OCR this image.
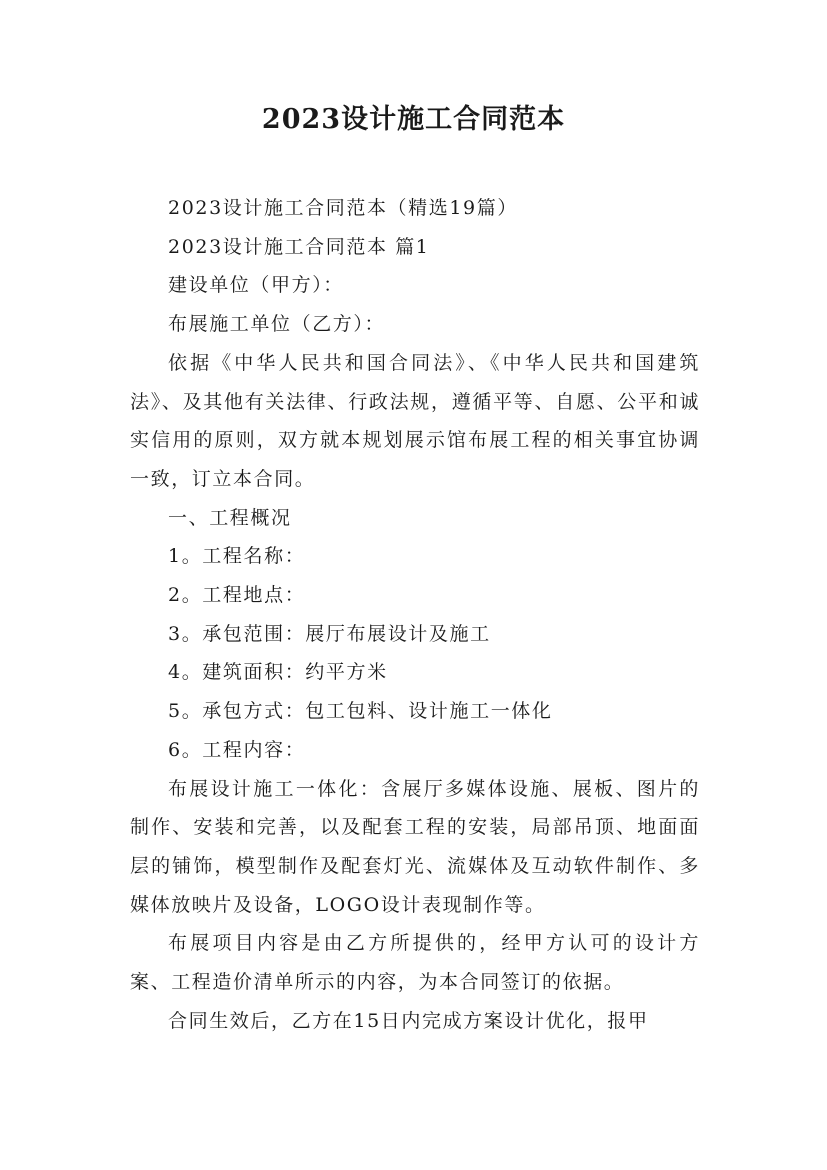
2023设计施工合同范本

2023设计施工合同范本（精选19篇）

2023设计施工合同范本 篇1

建设单位（甲方）：

布展施工单位（乙方）：

依据《中华人民共和国合同法》、《中华人民共和国建筑法》、及其他有关法律、行政法规，遵循平等、自愿、公平和诚实信用的原则，双方就本规划展示馆布展工程的相关事宜协调一致，订立本合同。

一、工程概况

1。工程名称：

2。工程地点：

3。承包范围：展厅布展设计及施工

4。建筑面积：约平方米

5。承包方式：包工包料、设计施工一体化

6。工程内容：

布展设计施工一体化：含展厅多媒体设施、展板、图片的制作、安装和完善，以及配套工程的安装，局部吊顶、地面面层的铺饰，模型制作及配套灯光、流媒体及互动软件制作、多媒体放映片及设备，LOGO设计表现制作等。

布展项目内容是由乙方所提供的，经甲方认可的设计方案、工程造价清单所示的内容，为本合同签订的依据。

合同生效后，乙方在15日内完成方案设计优化，报甲
